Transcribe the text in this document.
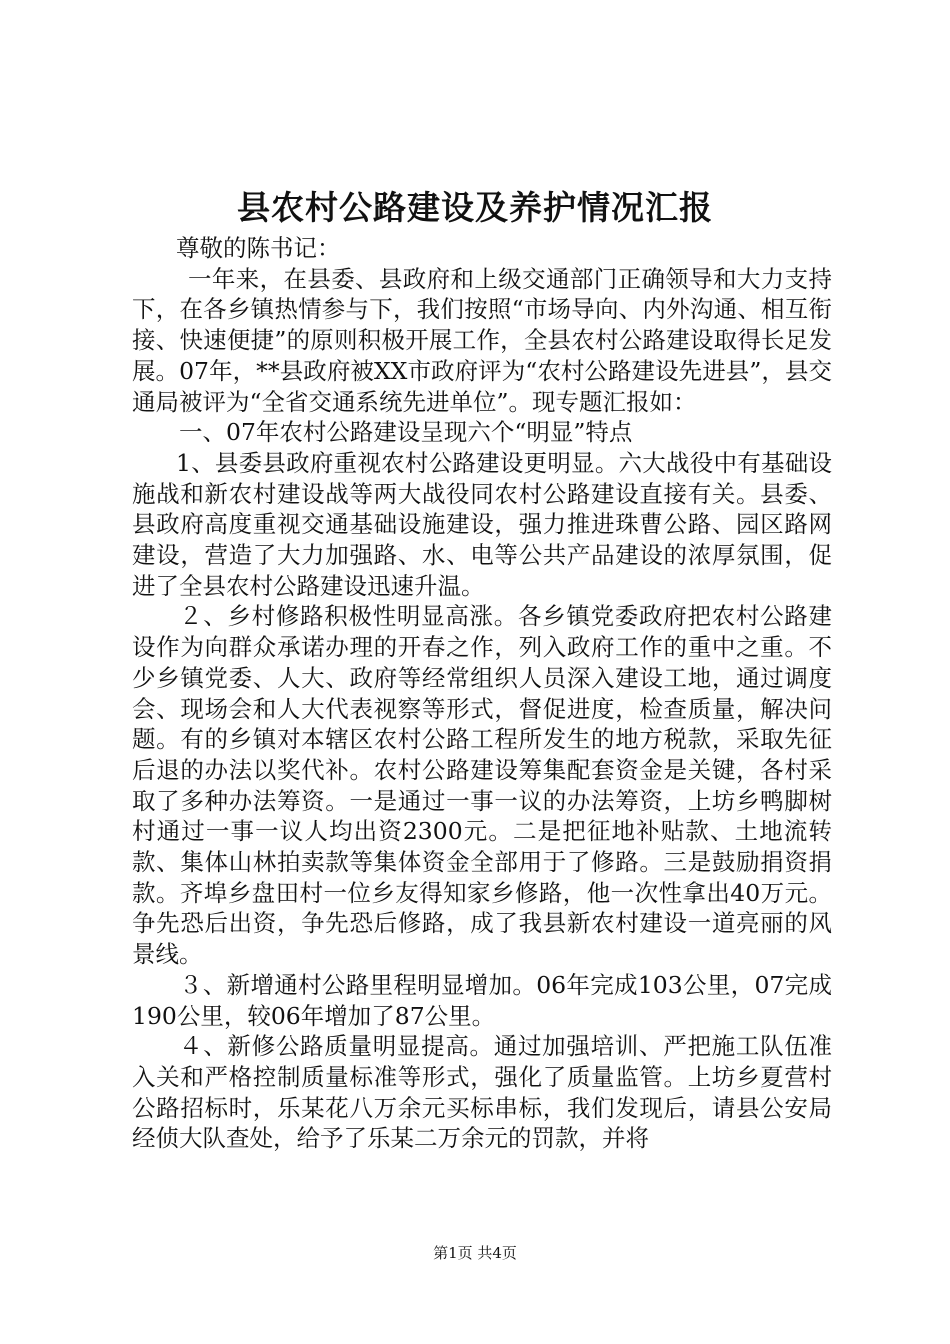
县农村公路建设及养护情况汇报

尊敬的陈书记：

一年来，在县委、县政府和上级交通部门正确领导和大力支持下，在各乡镇热情参与下，我们按照“市场导向、内外沟通、相互衔接、快速便捷”的原则积极开展工作，全县农村公路建设取得长足发展。07年，**县政府被XX市政府评为“农村公路建设先进县”，县交通局被评为“全省交通系统先进单位”。现专题汇报如：

一、07年农村公路建设呈现六个“明显”特点

1、县委县政府重视农村公路建设更明显。六大战役中有基础设施战和新农村建设战等两大战役同农村公路建设直接有关。县委、县政府高度重视交通基础设施建设，强力推进珠曹公路、园区路网建设，营造了大力加强路、水、电等公共产品建设的浓厚氛围，促进了全县农村公路建设迅速升温。

２、乡村修路积极性明显高涨。各乡镇党委政府把农村公路建设作为向群众承诺办理的开春之作，列入政府工作的重中之重。不少乡镇党委、人大、政府等经常组织人员深入建设工地，通过调度会、现场会和人大代表视察等形式，督促进度，检查质量，解决问题。有的乡镇对本辖区农村公路工程所发生的地方税款，采取先征后退的办法以奖代补。农村公路建设筹集配套资金是关键，各村采取了多种办法筹资。一是通过一事一议的办法筹资，上坊乡鸭脚树村通过一事一议人均出资2300元。二是把征地补贴款、土地流转款、集体山林拍卖款等集体资金全部用于了修路。三是鼓励捐资捐款。齐埠乡盘田村一位乡友得知家乡修路，他一次性拿出40万元。争先恐后出资，争先恐后修路，成了我县新农村建设一道亮丽的风景线。

３、新增通村公路里程明显增加。06年完成103公里，07完成190公里，较06年增加了87公里。

４、新修公路质量明显提高。通过加强培训、严把施工队伍准入关和严格控制质量标准等形式，强化了质量监管。上坊乡夏营村公路招标时，乐某花八万余元买标串标，我们发现后，请县公安局经侦大队查处，给予了乐某二万余元的罚款，并将

第1页 共4页
